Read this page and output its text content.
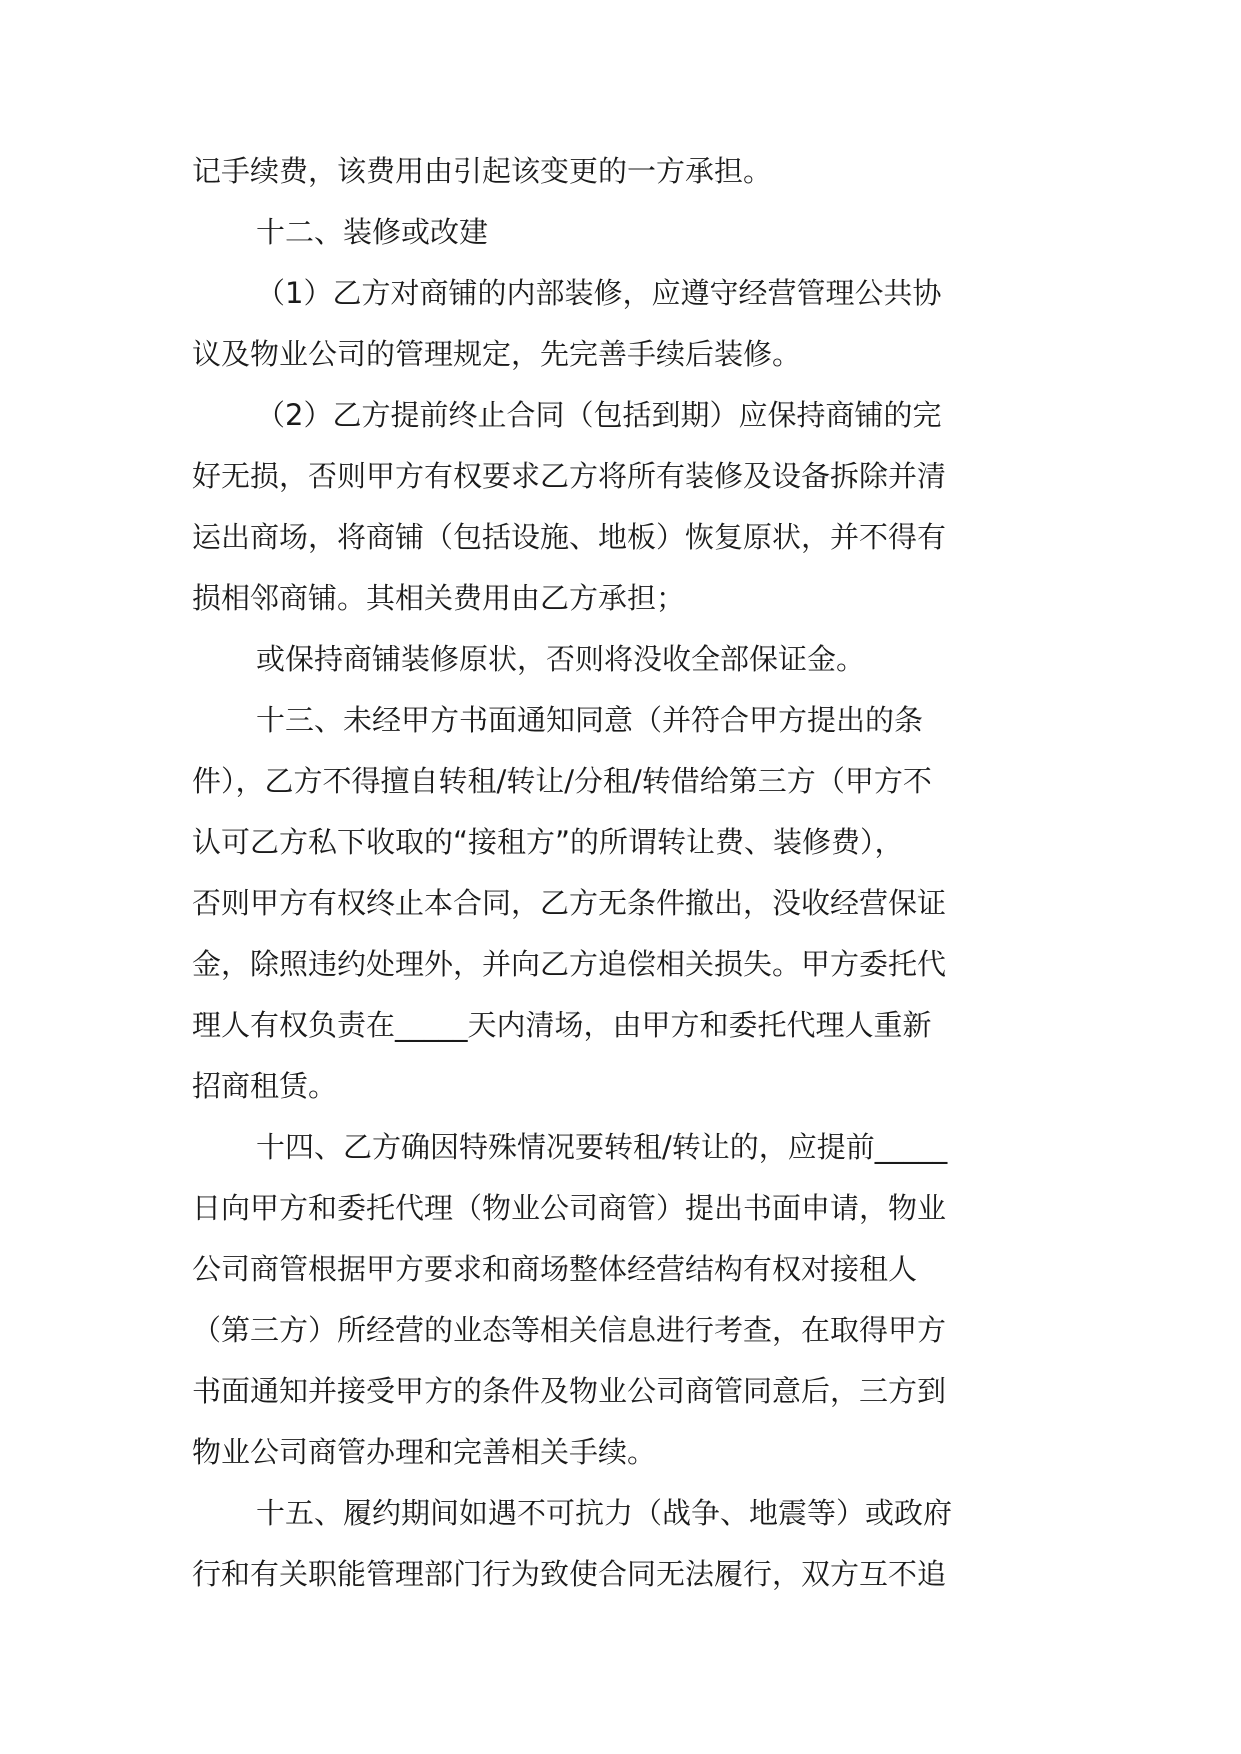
记手续费，该费用由引起该变更的一方承担。
十二、装修或改建
（1）乙方对商铺的内部装修，应遵守经营管理公共协
议及物业公司的管理规定，先完善手续后装修。
（2）乙方提前终止合同（包括到期）应保持商铺的完
好无损，否则甲方有权要求乙方将所有装修及设备拆除并清
运出商场，将商铺（包括设施、地板）恢复原状，并不得有
损相邻商铺。其相关费用由乙方承担；
或保持商铺装修原状，否则将没收全部保证金。
十三、未经甲方书面通知同意（并符合甲方提出的条
件），乙方不得擅自转租/转让/分租/转借给第三方（甲方不
认可乙方私下收取的“接租方”的所谓转让费、装修费），
否则甲方有权终止本合同，乙方无条件撤出，没收经营保证
金，除照违约处理外，并向乙方追偿相关损失。甲方委托代
理人有权负责在_____天内清场，由甲方和委托代理人重新
招商租赁。
十四、乙方确因特殊情况要转租/转让的，应提前_____
日向甲方和委托代理（物业公司商管）提出书面申请，物业
公司商管根据甲方要求和商场整体经营结构有权对接租人
（第三方）所经营的业态等相关信息进行考查，在取得甲方
书面通知并接受甲方的条件及物业公司商管同意后，三方到
物业公司商管办理和完善相关手续。
十五、履约期间如遇不可抗力（战争、地震等）或政府
行和有关职能管理部门行为致使合同无法履行，双方互不追
